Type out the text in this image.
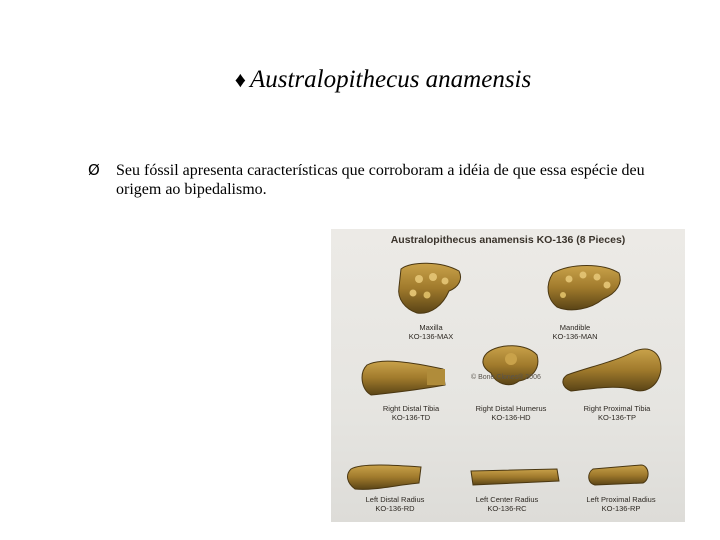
♦ Australopithecus anamensis
Ø Seu fóssil apresenta características que corroboram a idéia de que essa espécie deu origem ao bipedalismo.
Australopithecus anamensis KO-136 (8 Pieces)
© Bone Clones® 2006
Maxilla
KO-136-MAX
Mandible
KO-136-MAN
Right Distal Tibia
KO-136-TD
Right Distal Humerus
KO-136-HD
Right Proximal Tibia
KO-136-TP
Left Distal Radius
KO-136-RD
Left Center Radius
KO-136-RC
Left Proximal Radius
KO-136-RP
